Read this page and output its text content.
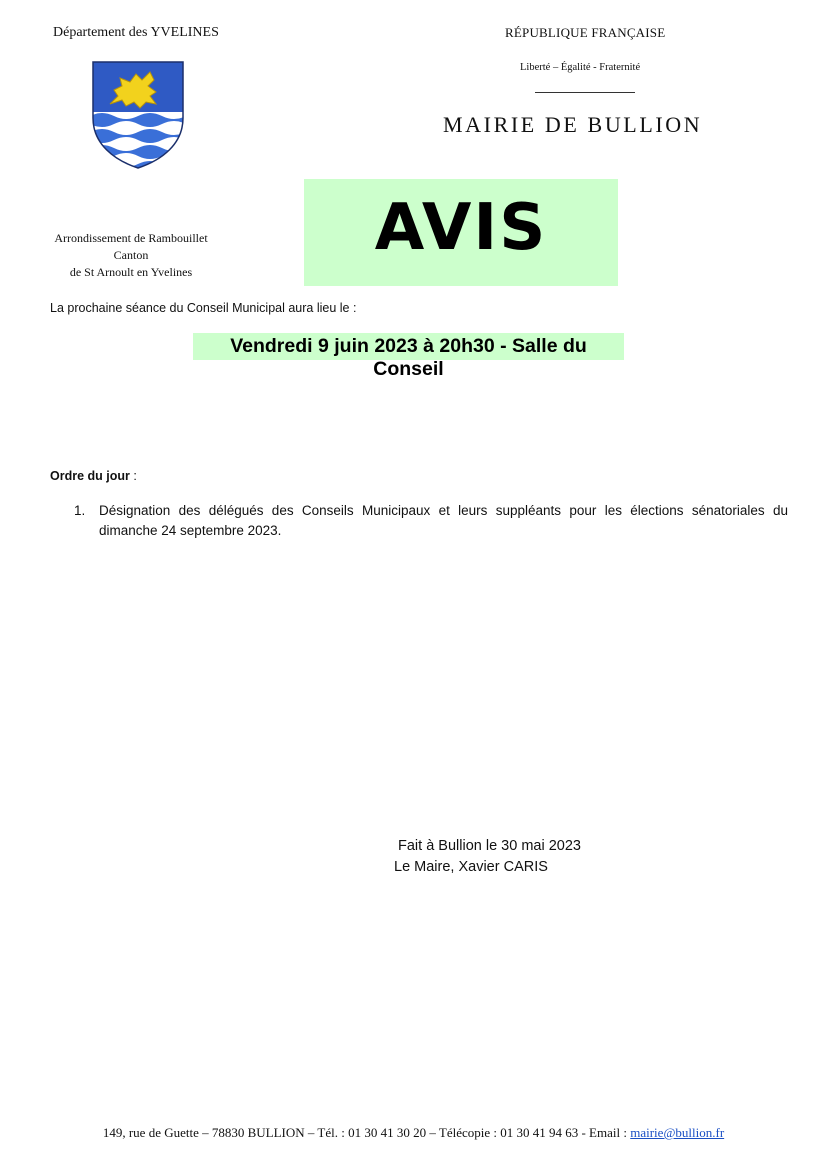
Département des YVELINES	RÉPUBLIQUE FRANÇAISE
Liberté – Égalité - Fraternité
MAIRIE DE BULLION
AVIS
Arrondissement de Rambouillet
Canton
de St Arnoult en Yvelines
La prochaine séance du Conseil Municipal aura lieu le :
Vendredi 9 juin 2023 à 20h30 - Salle du Conseil
Ordre du jour :
1. Désignation des délégués des Conseils Municipaux et leurs suppléants pour les élections sénatoriales du dimanche 24 septembre 2023.
Fait à Bullion le 30 mai 2023
Le Maire, Xavier CARIS
149, rue de Guette – 78830 BULLION – Tél. : 01 30 41 30 20 – Télécopie : 01 30 41 94 63 - Email : mairie@bullion.fr
